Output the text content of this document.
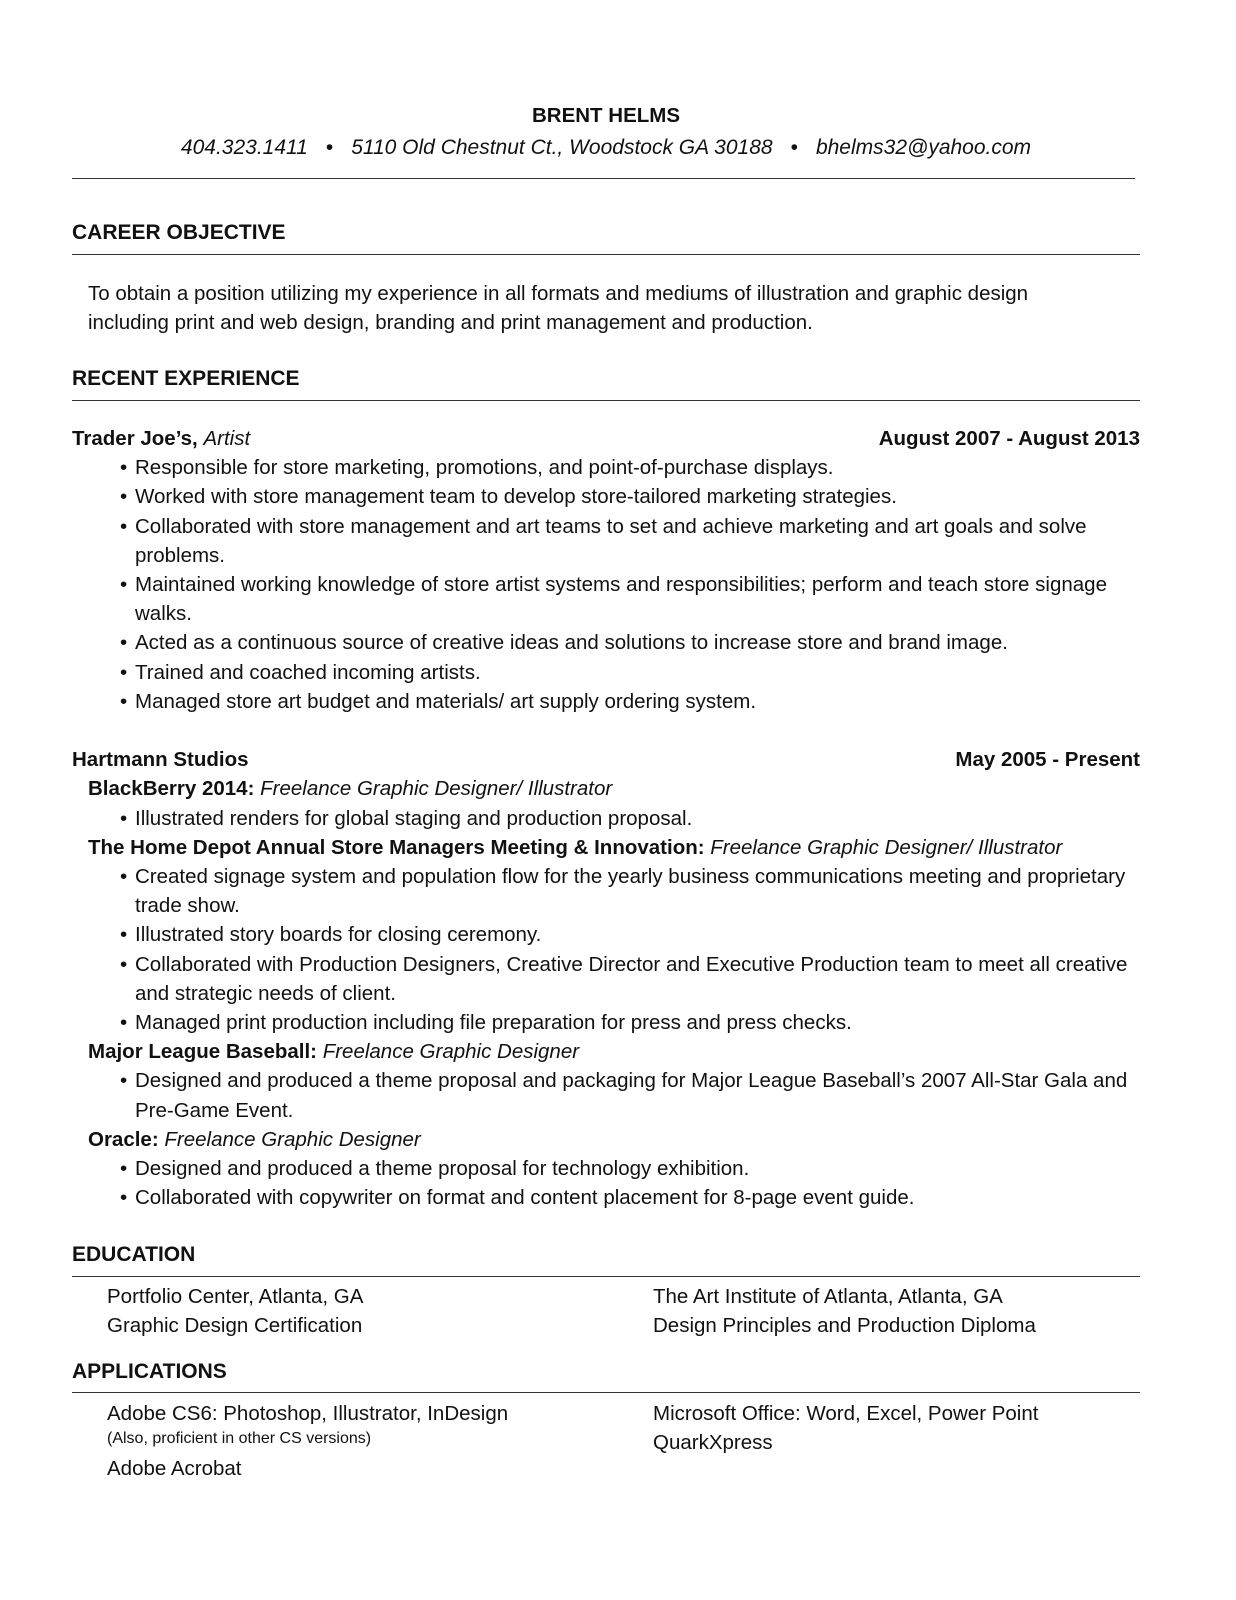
BRENT HELMS
404.323.1411 • 5110 Old Chestnut Ct., Woodstock GA 30188 • bhelms32@yahoo.com
CAREER OBJECTIVE
To obtain a position utilizing my experience in all formats and mediums of illustration and graphic design
including print and web design, branding and print management and production.
RECENT EXPERIENCE
Trader Joe’s, Artist	August 2007 - August 2013
• Responsible for store marketing, promotions, and point-of-purchase displays.
• Worked with store management team to develop store-tailored marketing strategies.
• Collaborated with store management and art teams to set and achieve marketing and art goals and solve problems.
• Maintained working knowledge of store artist systems and responsibilities; perform and teach store signage walks.
• Acted as a continuous source of creative ideas and solutions to increase store and brand image.
• Trained and coached incoming artists.
• Managed store art budget and materials/ art supply ordering system.
Hartmann Studios	May 2005 - Present
BlackBerry 2014: Freelance Graphic Designer/ Illustrator
• Illustrated renders for global staging and production proposal.
The Home Depot Annual Store Managers Meeting & Innovation: Freelance Graphic Designer/ Illustrator
• Created signage system and population flow for the yearly business communications meeting and proprietary trade show.
• Illustrated story boards for closing ceremony.
• Collaborated with Production Designers, Creative Director and Executive Production team to meet all creative and strategic needs of client.
• Managed print production including file preparation for press and press checks.
Major League Baseball: Freelance Graphic Designer
• Designed and produced a theme proposal and packaging for Major League Baseball’s 2007 All-Star Gala and Pre-Game Event.
Oracle: Freelance Graphic Designer
• Designed and produced a theme proposal for technology exhibition.
• Collaborated with copywriter on format and content placement for 8-page event guide.
EDUCATION
Portfolio Center, Atlanta, GA
Graphic Design Certification
The Art Institute of Atlanta, Atlanta, GA
Design Principles and Production Diploma
APPLICATIONS
Adobe CS6: Photoshop, Illustrator, InDesign
(Also, proficient in other CS versions)
Adobe Acrobat
Microsoft Office: Word, Excel, Power Point
QuarkXpress
